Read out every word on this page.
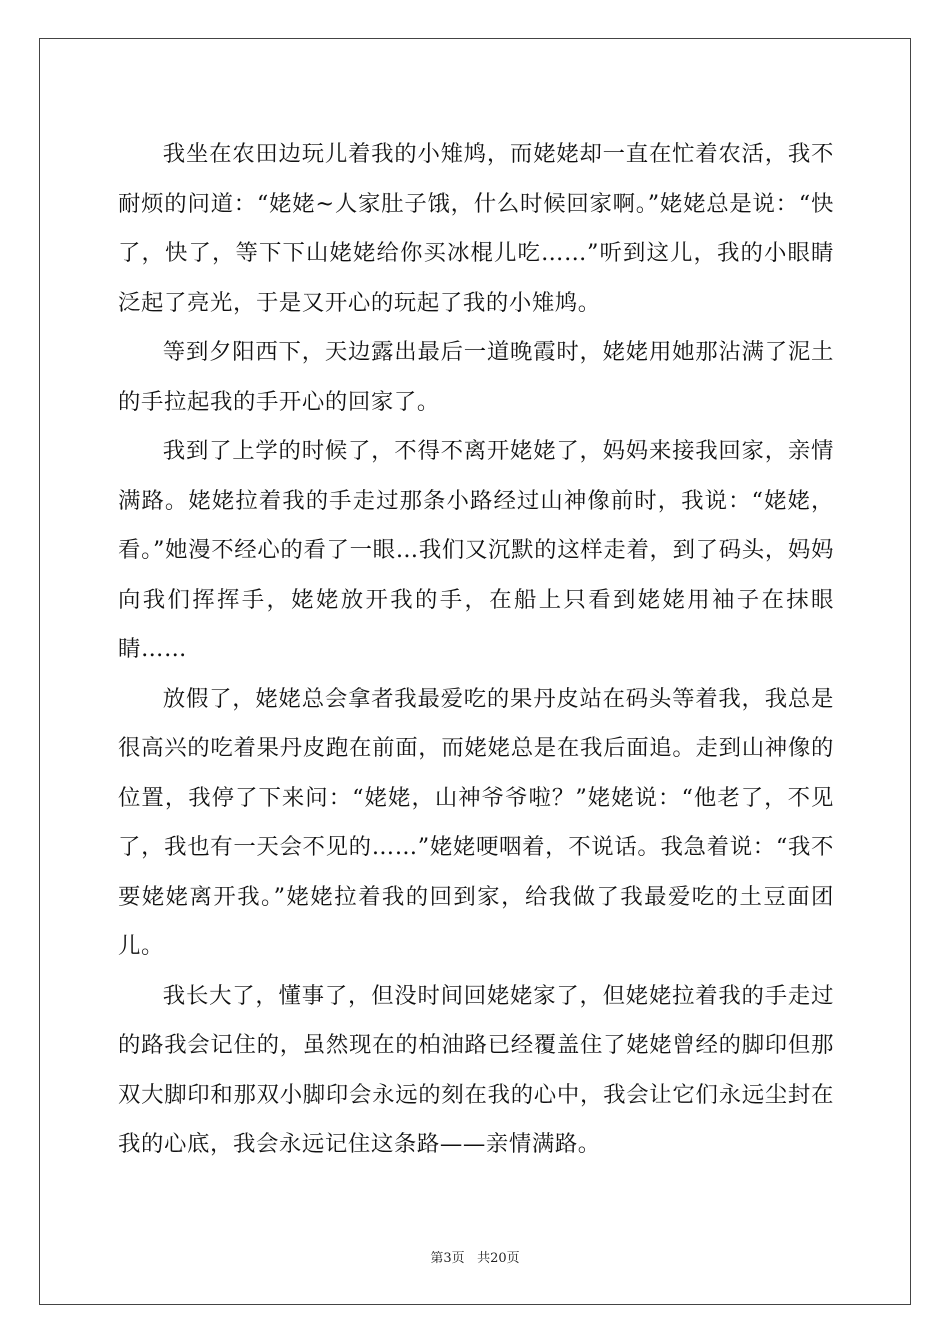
我坐在农田边玩儿着我的小雉鸠，而姥姥却一直在忙着农活，我不耐烦的问道：“姥姥~人家肚子饿，什么时候回家啊。”姥姥总是说：“快了，快了，等下下山姥姥给你买冰棍儿吃……”听到这儿，我的小眼睛泛起了亮光，于是又开心的玩起了我的小雉鸠。

等到夕阳西下，天边露出最后一道晚霞时，姥姥用她那沾满了泥土的手拉起我的手开心的回家了。

我到了上学的时候了，不得不离开姥姥了，妈妈来接我回家，亲情满路。姥姥拉着我的手走过那条小路经过山神像前时，我说：“姥姥，看。”她漫不经心的看了一眼…我们又沉默的这样走着，到了码头，妈妈向我们挥挥手，姥姥放开我的手，在船上只看到姥姥用袖子在抹眼睛……

放假了，姥姥总会拿者我最爱吃的果丹皮站在码头等着我，我总是很高兴的吃着果丹皮跑在前面，而姥姥总是在我后面追。走到山神像的位置，我停了下来问：“姥姥，山神爷爷啦？”姥姥说：“他老了，不见了，我也有一天会不见的……”姥姥哽咽着，不说话。我急着说：“我不要姥姥离开我。”姥姥拉着我的回到家，给我做了我最爱吃的土豆面团儿。

我长大了，懂事了，但没时间回姥姥家了，但姥姥拉着我的手走过的路我会记住的，虽然现在的柏油路已经覆盖住了姥姥曾经的脚印但那双大脚印和那双小脚印会永远的刻在我的心中，我会让它们永远尘封在我的心底，我会永远记住这条路——亲情满路。

第3页 共20页
